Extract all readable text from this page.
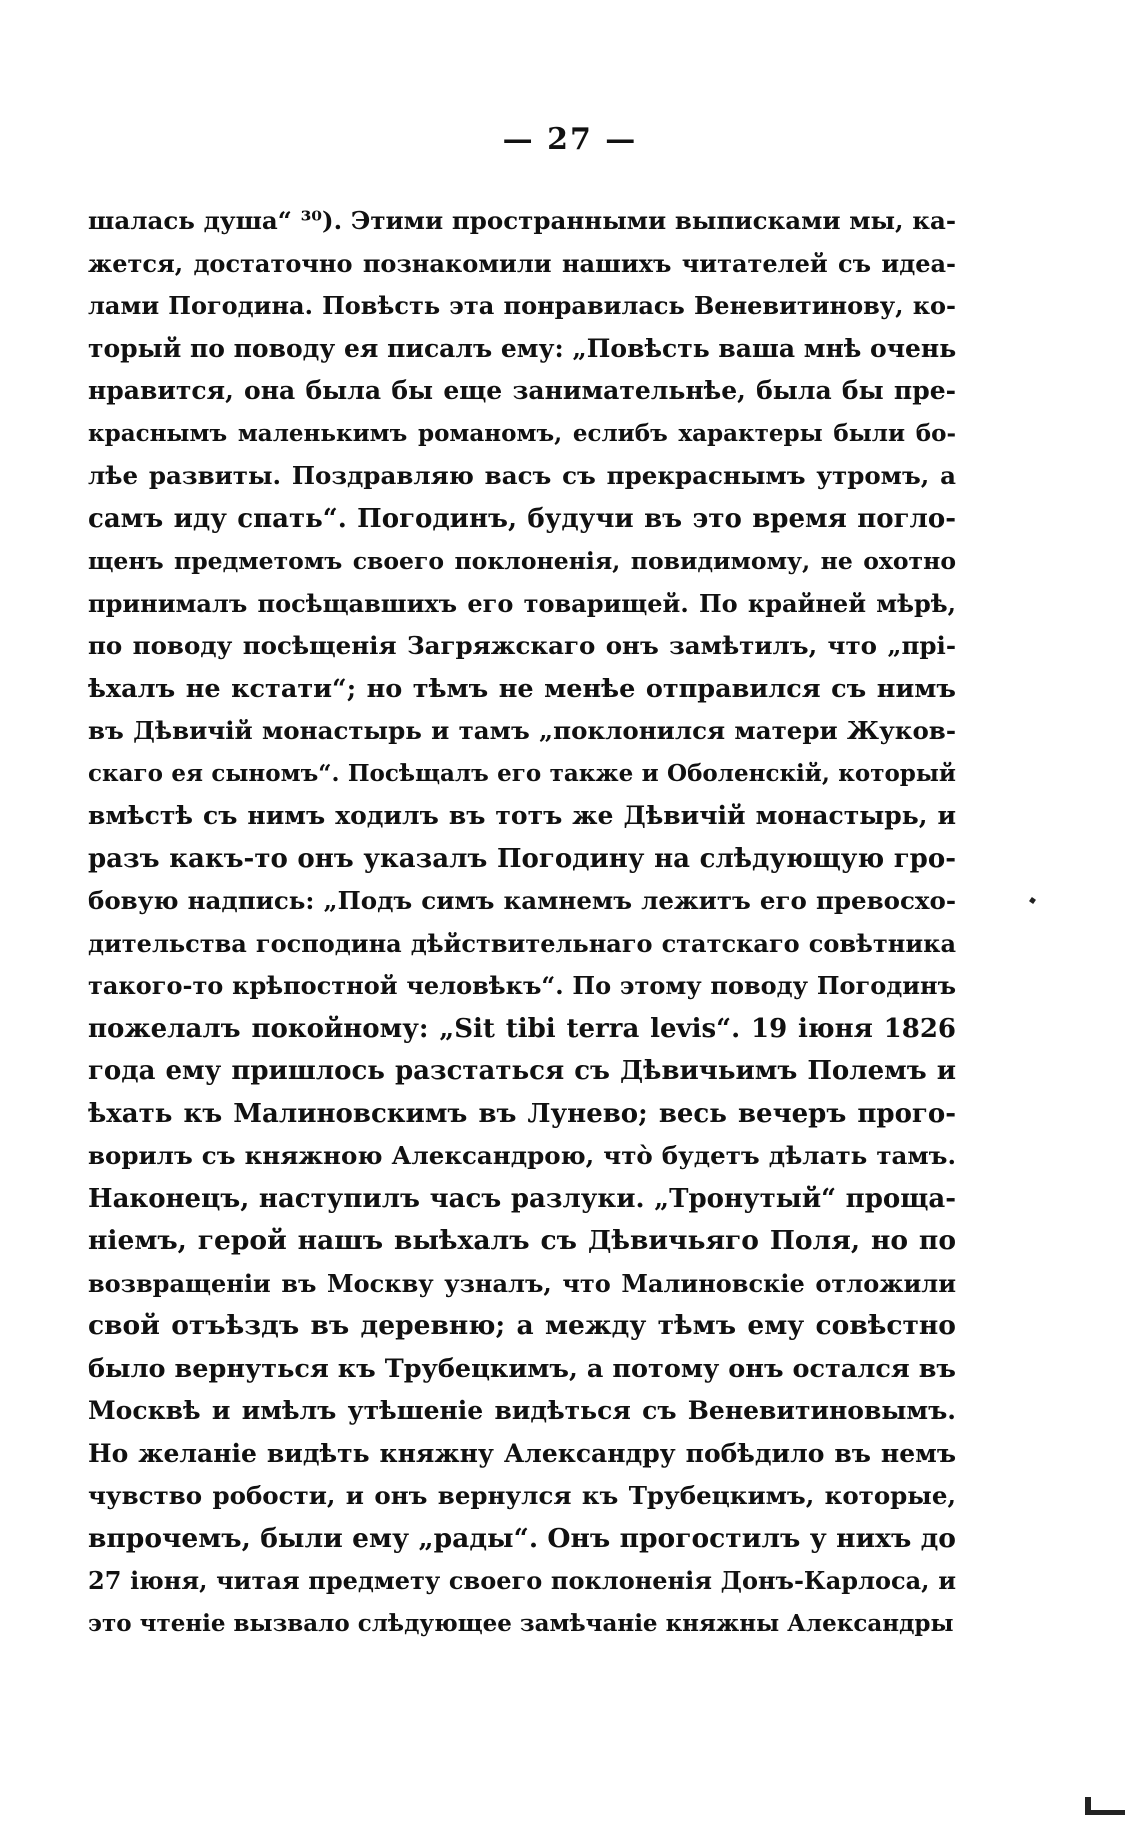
— 27 —
шалась душа“ ³⁰). Этими пространными выписками мы, ка-
жется, достаточно познакомили нашихъ читателей съ идеа-
лами Погодина. Повѣсть эта понравилась Веневитинову, ко-
торый по поводу ея писалъ ему: „Повѣсть ваша мнѣ очень
нравится, она была бы еще занимательнѣе, была бы пре-
краснымъ маленькимъ романомъ, еслибъ характеры были бо-
лѣе развиты. Поздравляю васъ съ прекраснымъ утромъ, а
самъ иду спать“. Погодинъ, будучи въ это время погло-
щенъ предметомъ своего поклоненія, повидимому, не охотно
принималъ посѣщавшихъ его товарищей. По крайней мѣрѣ,
по поводу посѣщенія Загряжскаго онъ замѣтилъ, что „прі-
ѣхалъ не кстати“; но тѣмъ не менѣе отправился съ нимъ
въ Дѣвичій монастырь и тамъ „поклонился матери Жуков-
скаго ея сыномъ“. Посѣщалъ его также и Оболенскій, который
вмѣстѣ съ нимъ ходилъ въ тотъ же Дѣвичій монастырь, и
разъ какъ-то онъ указалъ Погодину на слѣдующую гро-
бовую надпись: „Подъ симъ камнемъ лежитъ его превосхо-
дительства господина дѣйствительнаго статскаго совѣтника
такого-то крѣпостной человѣкъ“. По этому поводу Погодинъ
пожелалъ покойному: „Sit tibi terra levis“. 19 іюня 1826
года ему пришлось разстаться съ Дѣвичьимъ Полемъ и
ѣхать къ Малиновскимъ въ Лунево; весь вечеръ прого-
ворилъ съ княжною Александрою, что̀ будетъ дѣлать тамъ.
Наконецъ, наступилъ часъ разлуки. „Тронутый“ проща-
ніемъ, герой нашъ выѣхалъ съ Дѣвичьяго Поля, но по
возвращеніи въ Москву узналъ, что Малиновскіе отложили
свой отъѣздъ въ деревню; а между тѣмъ ему совѣстно
было вернуться къ Трубецкимъ, а потому онъ остался въ
Москвѣ и имѣлъ утѣшеніе видѣться съ Веневитиновымъ.
Но желаніе видѣть княжну Александру побѣдило въ немъ
чувство робости, и онъ вернулся къ Трубецкимъ, которые,
впрочемъ, были ему „рады“. Онъ прогостилъ у нихъ до
27 іюня, читая предмету своего поклоненія Донъ-Карлоса, и
это чтеніе вызвало слѣдующее замѣчаніе княжны Александры
